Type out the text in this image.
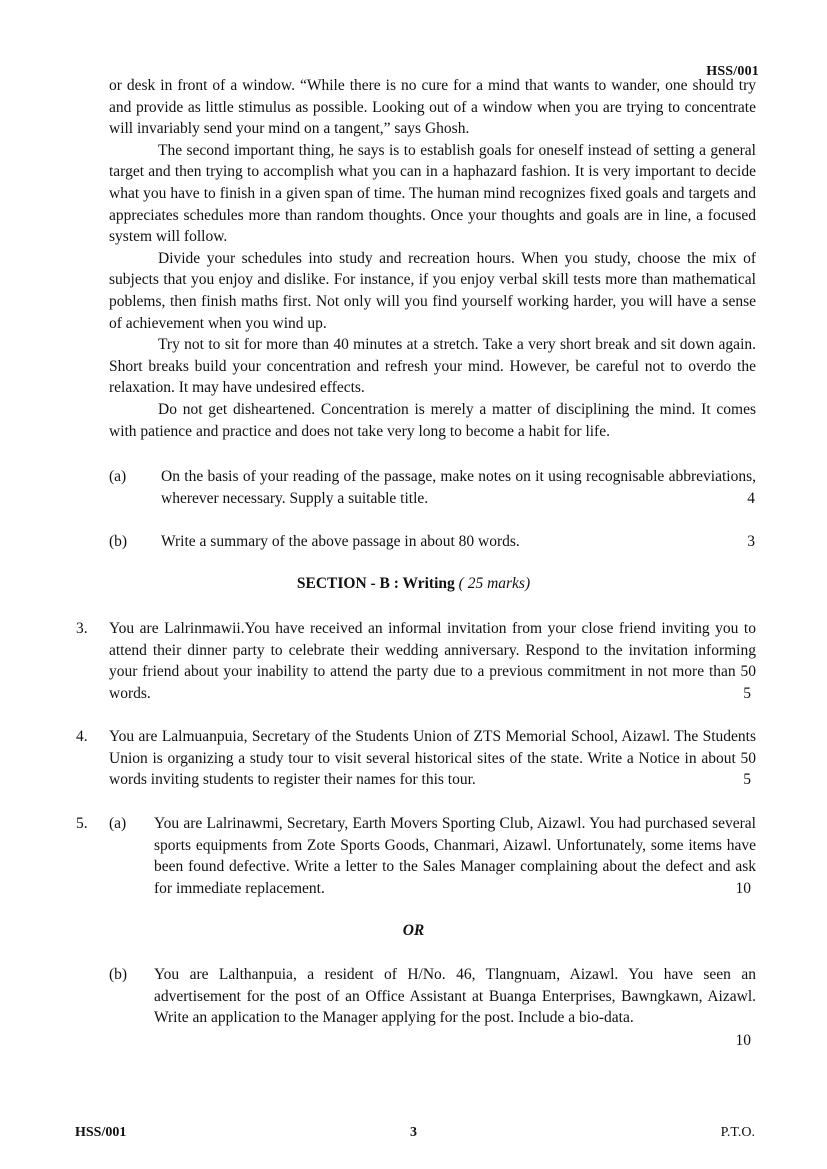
HSS/001

or desk in front of a window. “While there is no cure for a mind that wants to wander, one should try and provide as little stimulus as possible. Looking out of a window when you are trying to concentrate will invariably send your mind on a tangent,” says Ghosh.

The second important thing, he says is to establish goals for oneself instead of setting a general target and then trying to accomplish what you can in a haphazard fashion. It is very important to decide what you have to finish in a given span of time. The human mind recognizes fixed goals and targets and appreciates schedules more than random thoughts. Once your thoughts and goals are in line, a focused system will follow.

Divide your schedules into study and recreation hours. When you study, choose the mix of subjects that you enjoy and dislike. For instance, if you enjoy verbal skill tests more than mathematical poblems, then finish maths first. Not only will you find yourself working harder, you will have a sense of achievement when you wind up.

Try not to sit for more than 40 minutes at a stretch. Take a very short break and sit down again. Short breaks build your concentration and refresh your mind. However, be careful not to overdo the relaxation. It may have undesired effects.

Do not get disheartened. Concentration is merely a matter of disciplining the mind. It comes with patience and practice and does not take very long to become a habit for life.

(a) On the basis of your reading of the passage, make notes on it using recognisable abbreviations, wherever necessary. Supply a suitable title.	4
(b) Write a summary of the above passage in about 80 words.	3
SECTION - B : Writing ( 25 marks)
3. You are Lalrinmawii.You have received an informal invitation from your close friend inviting you to attend their dinner party to celebrate their wedding anniversary. Respond to the invitation informing your friend about your inability to attend the party due to a previous commitment in not more than 50 words.	5
4. You are Lalmuanpuia, Secretary of the Students Union of ZTS Memorial School, Aizawl. The Students Union is organizing a study tour to visit several historical sites of the state. Write a Notice in about 50 words inviting students to register their names for this tour.	5
5. (a) You are Lalrinawmi, Secretary, Earth Movers Sporting Club, Aizawl. You had purchased several sports equipments from Zote Sports Goods, Chanmari, Aizawl. Unfortunately, some items have been found defective. Write a letter to the Sales Manager complaining about the defect and ask for immediate replacement.	10
OR
(b) You are Lalthanpuia, a resident of H/No. 46, Tlangnuam, Aizawl. You have seen an advertisement for the post of an Office Assistant at Buanga Enterprises, Bawngkawn, Aizawl. Write an application to the Manager applying for the post. Include a bio-data.
10
HSS/001	3	P.T.O.
